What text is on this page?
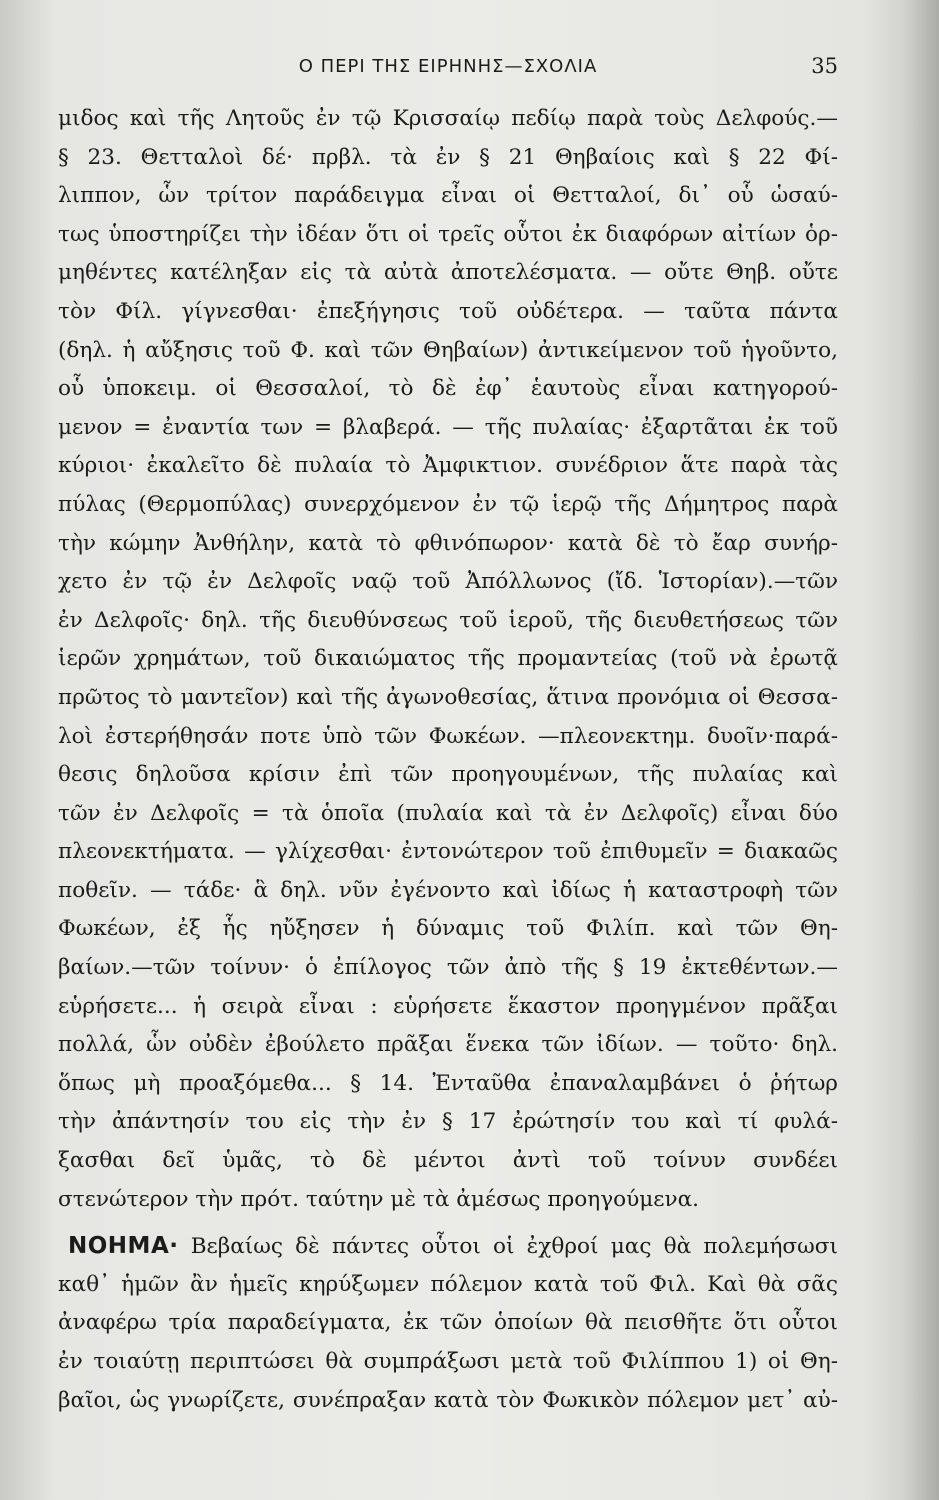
Ο ΠΕΡΙ ΤΗΣ ΕΙΡΗΝΗΣ—ΣΧΟΛΙΑ	35
μιδος καὶ τῆς Λητοῦς ἐν τῷ Κρισσαίῳ πεδίῳ παρὰ τοὺς Δελφούς.—
§ 23. Θετταλοὶ δέ· πρβλ. τὰ ἐν § 21 Θηβαίοις καὶ § 22 Φί-
λιππον, ὧν τρίτον παράδειγμα εἶναι οἱ Θετταλοί, δι᾽ οὗ ὡσαύ-
τως ὑποστηρίζει τὴν ἰδέαν ὅτι οἱ τρεῖς οὗτοι ἐκ διαφόρων αἰτίων ὁρ-
μηθέντες κατέληξαν εἰς τὰ αὐτὰ ἀποτελέσματα. — οὔτε Θηβ. οὔτε
τὸν Φίλ. γίγνεσθαι· ἐπεξήγησις τοῦ οὐδέτερα. — ταῦτα πάντα
(δηλ. ἡ αὔξησις τοῦ Φ. καὶ τῶν Θηβαίων) ἀντικείμενον τοῦ ἡγοῦντο,
οὗ ὑποκειμ. οἱ Θεσσαλοί, τὸ δὲ ἐφ᾽ ἑαυτοὺς εἶναι κατηγορού-
μενον = ἐναντία των = βλαβερά. — τῆς πυλαίας· ἐξαρτᾶται ἐκ τοῦ
κύριοι· ἐκαλεῖτο δὲ πυλαία τὸ Ἀμφικτιον. συνέδριον ἅτε παρὰ τὰς
πύλας (Θερμοπύλας) συνερχόμενον ἐν τῷ ἱερῷ τῆς Δήμητρος παρὰ
τὴν κώμην Ἀνθήλην, κατὰ τὸ φθινόπωρον· κατὰ δὲ τὸ ἔαρ συνήρ-
χετο ἐν τῷ ἐν Δελφοῖς ναῷ τοῦ Ἀπόλλωνος (ἴδ. Ἱστορίαν).—τῶν
ἐν Δελφοῖς· δηλ. τῆς διευθύνσεως τοῦ ἱεροῦ, τῆς διευθετήσεως τῶν
ἱερῶν χρημάτων, τοῦ δικαιώματος τῆς προμαντείας (τοῦ νὰ ἐρωτᾷ
πρῶτος τὸ μαντεῖον) καὶ τῆς ἀγωνοθεσίας, ἅτινα προνόμια οἱ Θεσσα-
λοὶ ἐστερήθησάν ποτε ὑπὸ τῶν Φωκέων. —πλεονεκτημ. δυοῖν·παρά-
θεσις δηλοῦσα κρίσιν ἐπὶ τῶν προηγουμένων, τῆς πυλαίας καὶ
τῶν ἐν Δελφοῖς = τὰ ὁποῖα (πυλαία καὶ τὰ ἐν Δελφοῖς) εἶναι δύο
πλεονεκτήματα. — γλίχεσθαι· ἐντονώτερον τοῦ ἐπιθυμεῖν = διακαῶς
ποθεῖν. — τάδε· ἃ δηλ. νῦν ἐγένοντο καὶ ἰδίως ἡ καταστροφὴ τῶν
Φωκέων, ἐξ ἧς ηὔξησεν ἡ δύναμις τοῦ Φιλίπ. καὶ τῶν Θη-
βαίων.—τῶν τοίνυν· ὁ ἐπίλογος τῶν ἀπὸ τῆς § 19 ἐκτεθέντων.—
εὑρήσετε... ἡ σειρὰ εἶναι : εὑρήσετε ἕκαστον προηγμένον πρᾶξαι
πολλά, ὧν οὐδὲν ἐβούλετο πρᾶξαι ἕνεκα τῶν ἰδίων. — τοῦτο· δηλ.
ὅπως μὴ προαξόμεθα... § 14. Ἐνταῦθα ἐπαναλαμβάνει ὁ ῥήτωρ
τὴν ἀπάντησίν του εἰς τὴν ἐν § 17 ἐρώτησίν του καὶ τί φυλά-
ξασθαι δεῖ ὑμᾶς, τὸ δὲ μέντοι ἀντὶ τοῦ τοίνυν συνδέει
στενώτερον τὴν πρότ. ταύτην μὲ τὰ ἀμέσως προηγούμενα.
ΝΟΗΜΑ· Βεβαίως δὲ πάντες οὗτοι οἱ ἐχθροί μας θὰ πολεμήσωσι
καθ᾽ ἡμῶν ἂν ἡμεῖς κηρύξωμεν πόλεμον κατὰ τοῦ Φιλ. Καὶ θὰ σᾶς
ἀναφέρω τρία παραδείγματα, ἐκ τῶν ὁποίων θὰ πεισθῆτε ὅτι οὗτοι
ἐν τοιαύτῃ περιπτώσει θὰ συμπράξωσι μετὰ τοῦ Φιλίππου 1) οἱ Θη-
βαῖοι, ὡς γνωρίζετε, συνέπραξαν κατὰ τὸν Φωκικὸν πόλεμον μετ᾽ αὐ-
